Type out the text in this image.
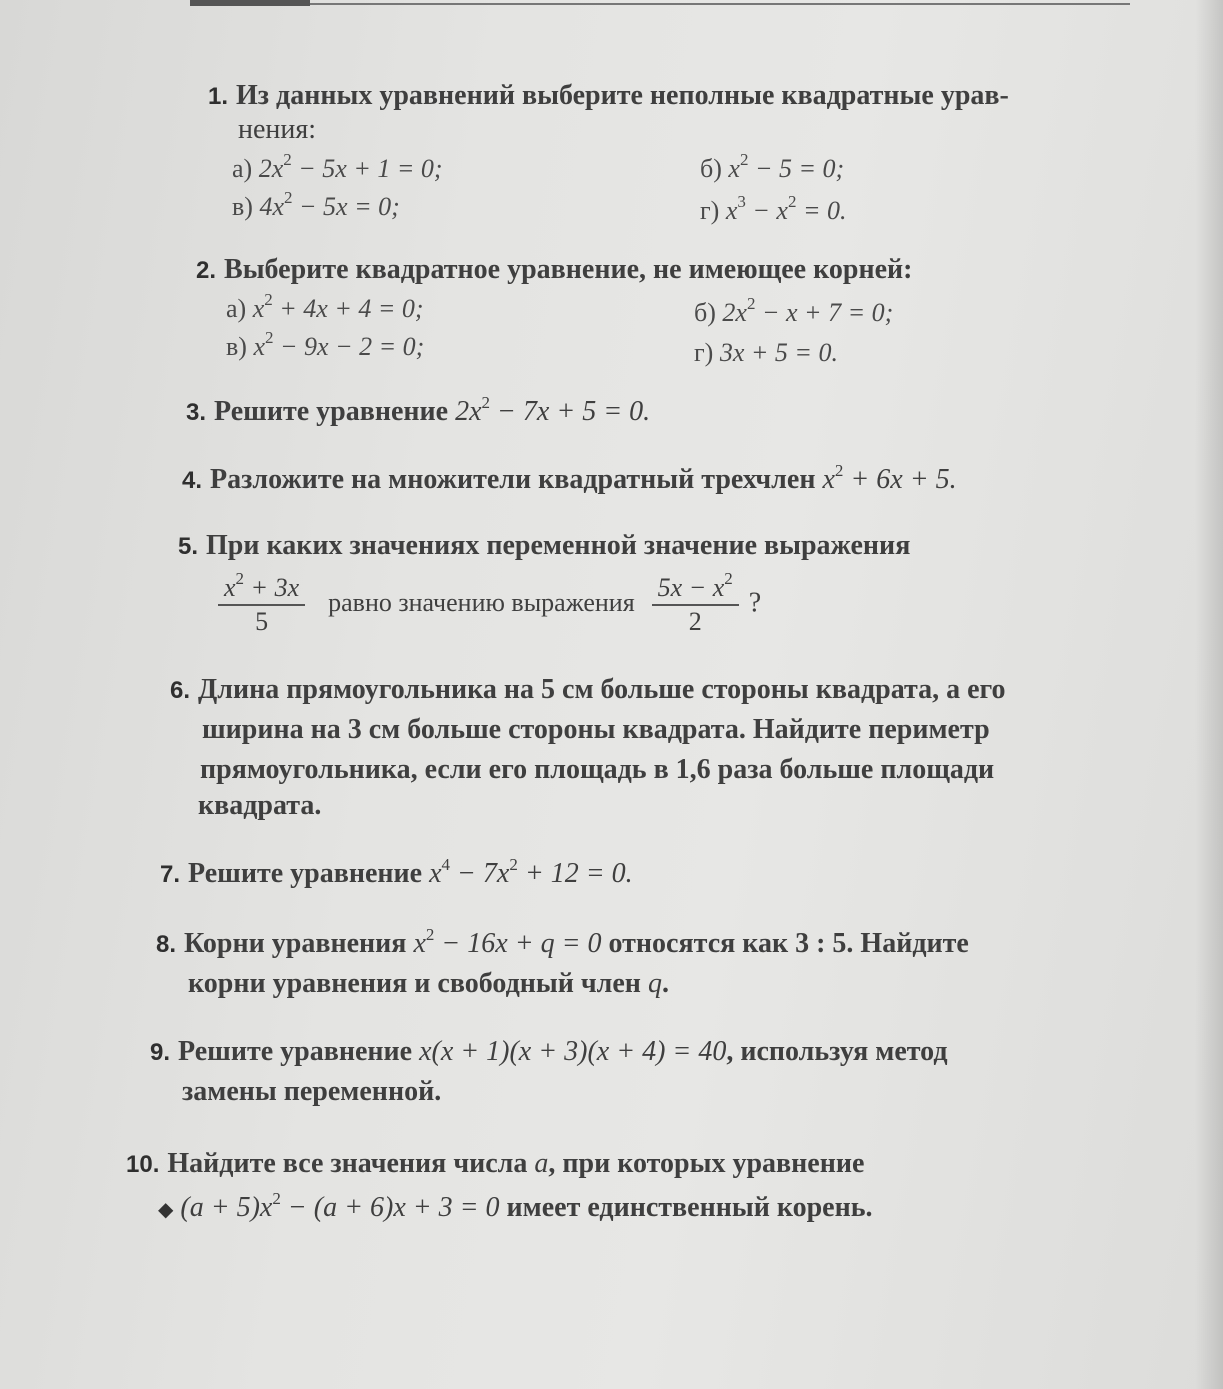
1. Из данных уравнений выберите неполные квадратные урав-
нения:
а) $2x^2 - 5x + 1 = 0$;	б) $x^2 - 5 = 0$;
в) $4x^2 - 5x = 0$;	г) $x^3 - x^2 = 0$.
2. Выберите квадратное уравнение, не имеющее корней:
а) $x^2 + 4x + 4 = 0$;	б) $2x^2 - x + 7 = 0$;
в) $x^2 - 9x - 2 = 0$;	г) 3x + 5 = 0.
3. Решите уравнение $2x^2 - 7x + 5 = 0$.
4. Разложите на множители квадратный трехчлен $x^2 + 6x + 5$.
5. При каких значениях переменной значение выражения
$\frac{x^2 + 3x}{5}$ равно значению выражения $\frac{5x - x^2}{2}$ ?
6. Длина прямоугольника на 5 см больше стороны квадрата, а его
ширина на 3 см больше стороны квадрата. Найдите периметр
прямоугольника, если его площадь в 1,6 раза больше площади
квадрата.
7. Решите уравнение $x^4 - 7x^2 + 12 = 0$.
8. Корни уравнения $x^2 - 16x + q = 0$ относятся как 3 : 5. Найдите
корни уравнения и свободный член q.
9. Решите уравнение x(x + 1)(x + 3)(x + 4) = 40, используя метод
замены переменной.
10. Найдите все значения числа a, при которых уравнение
◆ $(a + 5)x^2 - (a + 6)x + 3 = 0$ имеет единственный корень.
